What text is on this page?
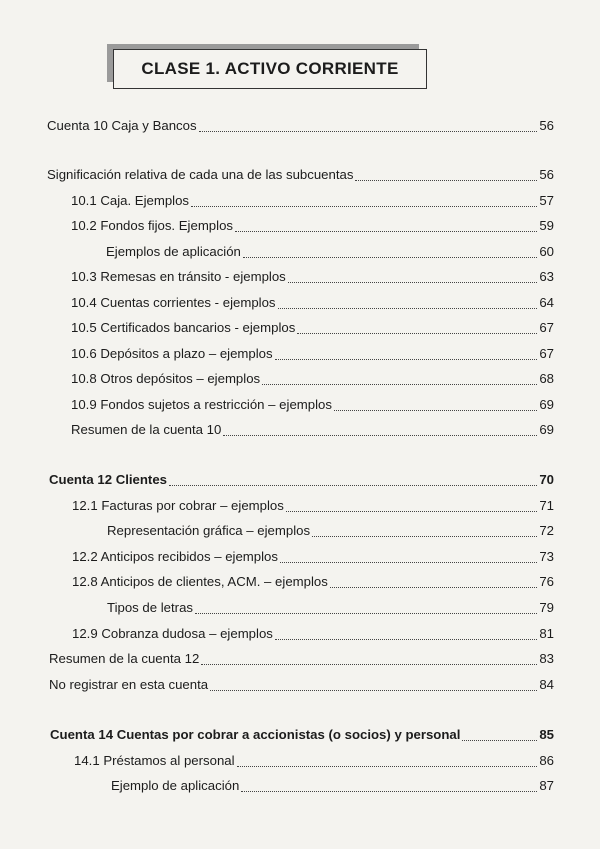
CLASE 1. ACTIVO CORRIENTE
Cuenta 10 Caja y Bancos	56
Significación relativa de cada una de las subcuentas	56
10.1 Caja. Ejemplos	57
10.2 Fondos fijos. Ejemplos	59
Ejemplos de aplicación	60
10.3 Remesas en tránsito - ejemplos	63
10.4 Cuentas corrientes - ejemplos	64
10.5 Certificados bancarios - ejemplos	67
10.6 Depósitos a plazo – ejemplos	67
10.8 Otros depósitos – ejemplos	68
10.9 Fondos sujetos a restricción – ejemplos	69
Resumen de la cuenta 10	69
Cuenta 12 Clientes	70
12.1 Facturas por cobrar – ejemplos	71
Representación gráfica – ejemplos	72
12.2 Anticipos recibidos – ejemplos	73
12.8 Anticipos de clientes, ACM. – ejemplos	76
Tipos de letras	79
12.9 Cobranza dudosa – ejemplos	81
Resumen de la cuenta 12	83
No registrar en esta cuenta	84
Cuenta 14 Cuentas por cobrar a accionistas (o socios) y personal	85
14.1 Préstamos al personal	86
Ejemplo de aplicación	87
